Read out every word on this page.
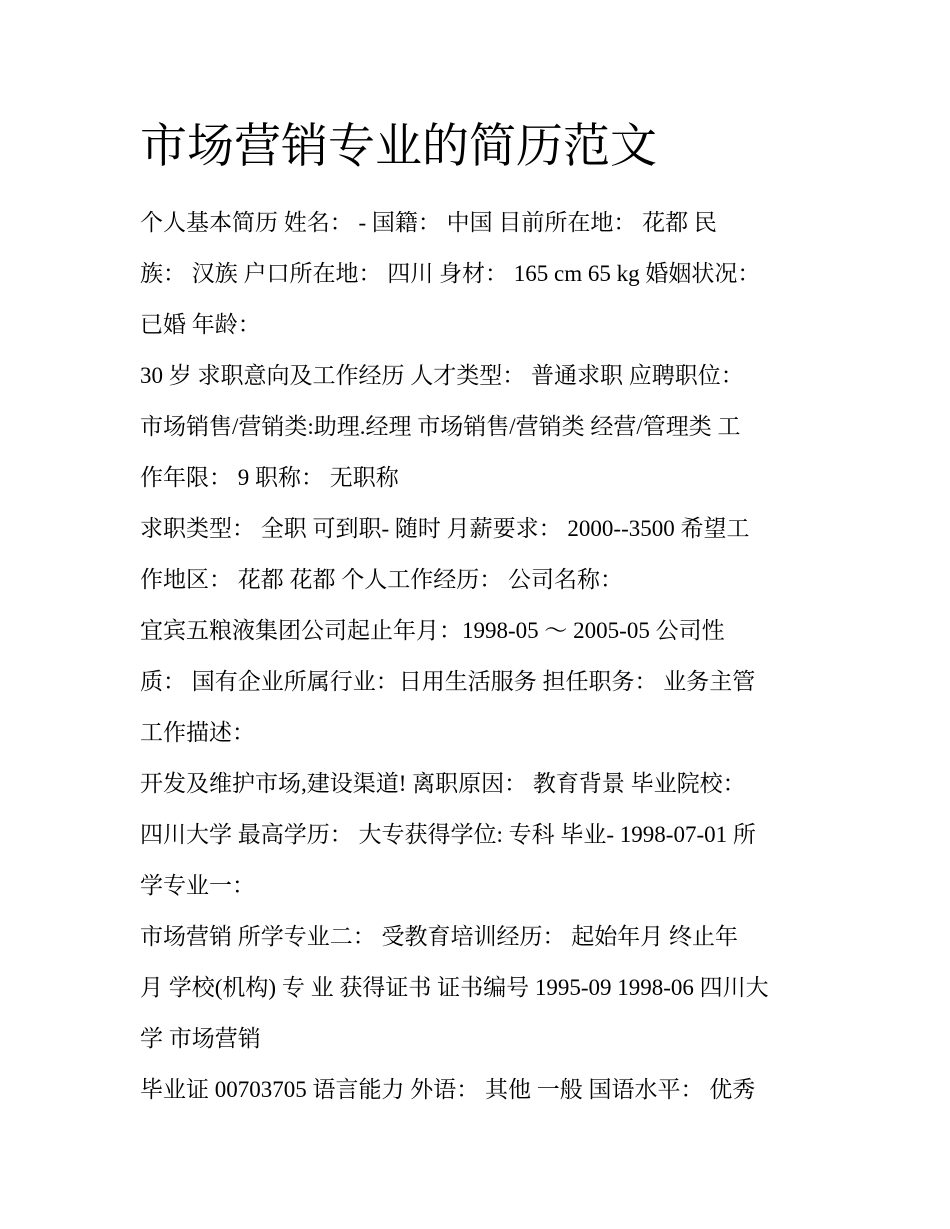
市场营销专业的简历范文
个人基本简历 姓名： - 国籍： 中国 目前所在地： 花都 民
族： 汉族 户口所在地： 四川 身材： 165 cm 65 kg 婚姻状况：
已婚 年龄：
30 岁 求职意向及工作经历 人才类型： 普通求职 应聘职位：
市场销售/营销类:助理.经理 市场销售/营销类 经营/管理类 工
作年限： 9 职称： 无职称
求职类型： 全职 可到职- 随时 月薪要求： 2000--3500 希望工
作地区： 花都 花都 个人工作经历： 公司名称：
宜宾五粮液集团公司起止年月：1998-05 ～ 2005-05 公司性
质： 国有企业所属行业：日用生活服务 担任职务： 业务主管
工作描述：
开发及维护市场,建设渠道! 离职原因： 教育背景 毕业院校：
四川大学 最高学历： 大专获得学位: 专科 毕业- 1998-07-01 所
学专业一：
市场营销 所学专业二： 受教育培训经历： 起始年月 终止年
月 学校(机构) 专 业 获得证书 证书编号 1995-09 1998-06 四川大
学 市场营销
毕业证 00703705 语言能力 外语： 其他 一般 国语水平： 优秀
